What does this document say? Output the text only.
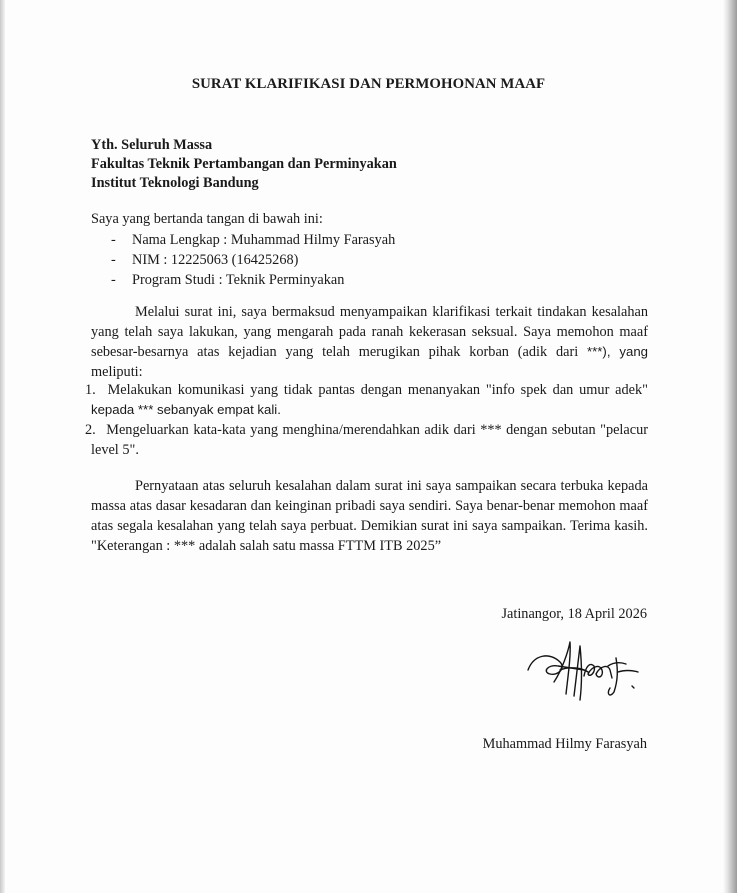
SURAT KLARIFIKASI DAN PERMOHONAN MAAF
Yth. Seluruh Massa
Fakultas Teknik Pertambangan dan Perminyakan
Institut Teknologi Bandung
Saya yang bertanda tangan di bawah ini:
- Nama Lengkap : Muhammad Hilmy Farasyah
- NIM : 12225063 (16425268)
- Program Studi : Teknik Perminyakan
Melalui surat ini, saya bermaksud menyampaikan klarifikasi terkait tindakan kesalahan
yang telah saya lakukan, yang mengarah pada ranah kekerasan seksual. Saya memohon maaf
sebesar-besarnya atas kejadian yang telah merugikan pihak korban (adik dari ***), yang
meliputi:
1. Melakukan komunikasi yang tidak pantas dengan menanyakan "info spek dan umur adek"
kepada *** sebanyak empat kali.
2. Mengeluarkan kata-kata yang menghina/merendahkan adik dari *** dengan sebutan "pelacur
level 5".
Pernyataan atas seluruh kesalahan dalam surat ini saya sampaikan secara terbuka kepada
massa atas dasar kesadaran dan keinginan pribadi saya sendiri. Saya benar-benar memohon maaf
atas segala kesalahan yang telah saya perbuat. Demikian surat ini saya sampaikan. Terima kasih.
"Keterangan : *** adalah salah satu massa FTTM ITB 2025”
Jatinangor, 18 April 2026
Muhammad Hilmy Farasyah
